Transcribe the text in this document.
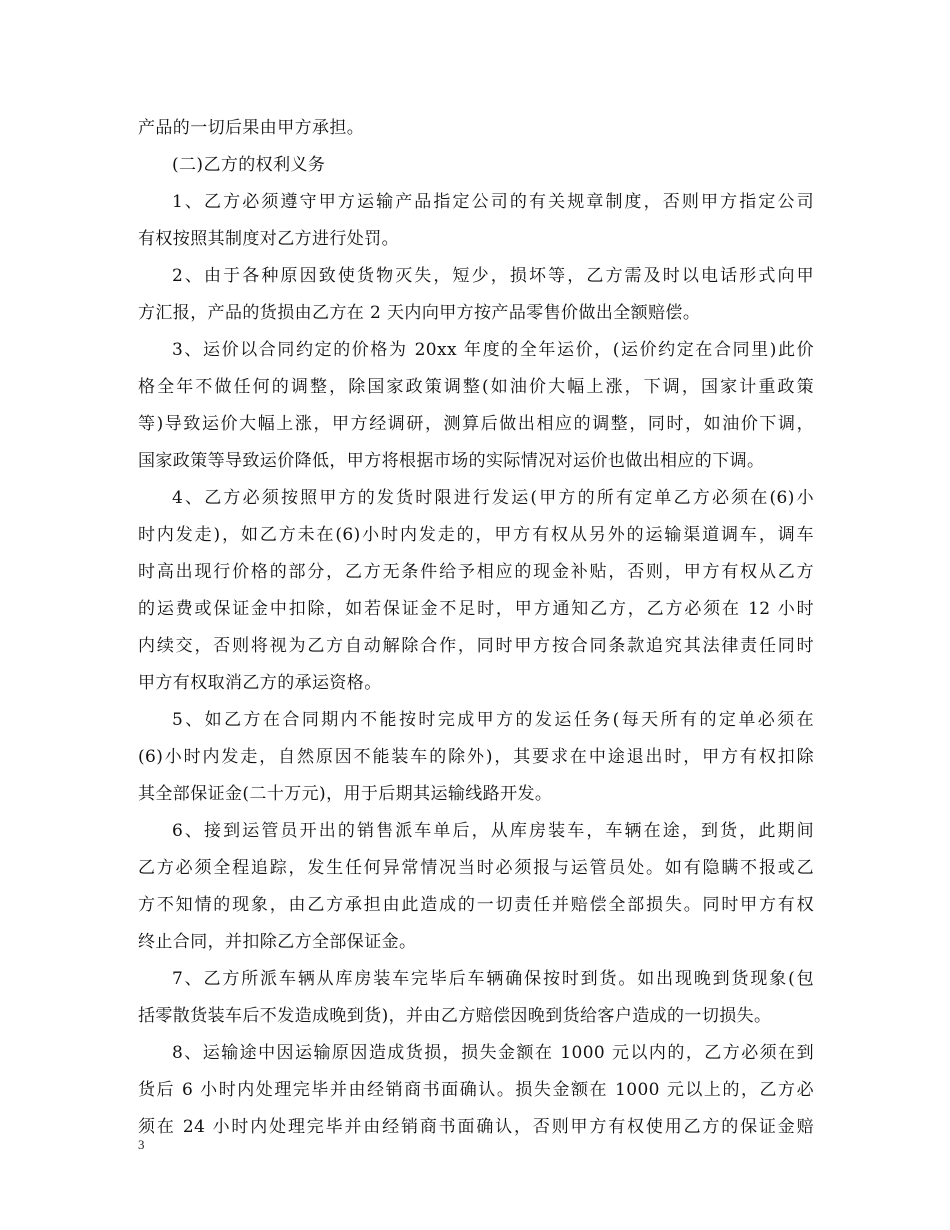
产品的一切后果由甲方承担。
(二)乙方的权利义务
1、乙方必须遵守甲方运输产品指定公司的有关规章制度，否则甲方指定公司
有权按照其制度对乙方进行处罚。
2、由于各种原因致使货物灭失，短少，损坏等，乙方需及时以电话形式向甲
方汇报，产品的货损由乙方在 2 天内向甲方按产品零售价做出全额赔偿。
3、运价以合同约定的价格为 20xx 年度的全年运价，(运价约定在合同里)此价
格全年不做任何的调整，除国家政策调整(如油价大幅上涨，下调，国家计重政策
等)导致运价大幅上涨，甲方经调研，测算后做出相应的调整，同时，如油价下调，
国家政策等导致运价降低，甲方将根据市场的实际情况对运价也做出相应的下调。
4、乙方必须按照甲方的发货时限进行发运(甲方的所有定单乙方必须在(6)小
时内发走)，如乙方未在(6)小时内发走的，甲方有权从另外的运输渠道调车，调车
时高出现行价格的部分，乙方无条件给予相应的现金补贴，否则，甲方有权从乙方
的运费或保证金中扣除，如若保证金不足时，甲方通知乙方，乙方必须在 12 小时
内续交，否则将视为乙方自动解除合作，同时甲方按合同条款追究其法律责任同时
甲方有权取消乙方的承运资格。
5、如乙方在合同期内不能按时完成甲方的发运任务(每天所有的定单必须在
(6)小时内发走，自然原因不能装车的除外)，其要求在中途退出时，甲方有权扣除
其全部保证金(二十万元)，用于后期其运输线路开发。
6、接到运管员开出的销售派车单后，从库房装车，车辆在途，到货，此期间
乙方必须全程追踪，发生任何异常情况当时必须报与运管员处。如有隐瞒不报或乙
方不知情的现象，由乙方承担由此造成的一切责任并赔偿全部损失。同时甲方有权
终止合同，并扣除乙方全部保证金。
7、乙方所派车辆从库房装车完毕后车辆确保按时到货。如出现晚到货现象(包
括零散货装车后不发造成晚到货)，并由乙方赔偿因晚到货给客户造成的一切损失。
8、运输途中因运输原因造成货损，损失金额在 1000 元以内的，乙方必须在到
货后 6 小时内处理完毕并由经销商书面确认。损失金额在 1000 元以上的，乙方必
须在 24 小时内处理完毕并由经销商书面确认，否则甲方有权使用乙方的保证金赔
3
